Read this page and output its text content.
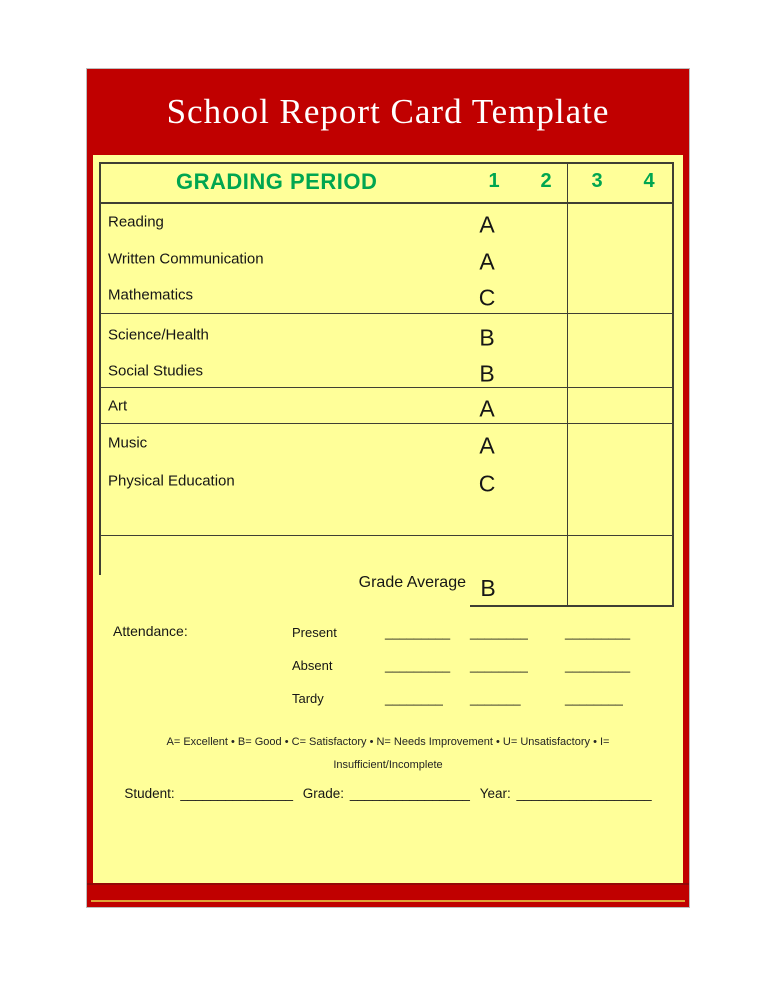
School Report Card Template
GRADING PERIOD	1	2	3	4
Reading	A
Written Communication	A
Mathematics	C
Science/Health	B
Social Studies	B
Art	A
Music	A
Physical Education	C
Grade Average B
Attendance:	Present	_________ ________	_________
Absent	_________ ________	_________
Tardy	________ _______	________
A= Excellent • B= Good • C= Satisfactory • N= Needs Improvement • U= Unsatisfactory • I=
Insufficient/Incomplete
Student: _______________ Grade: ________________ Year: __________________
